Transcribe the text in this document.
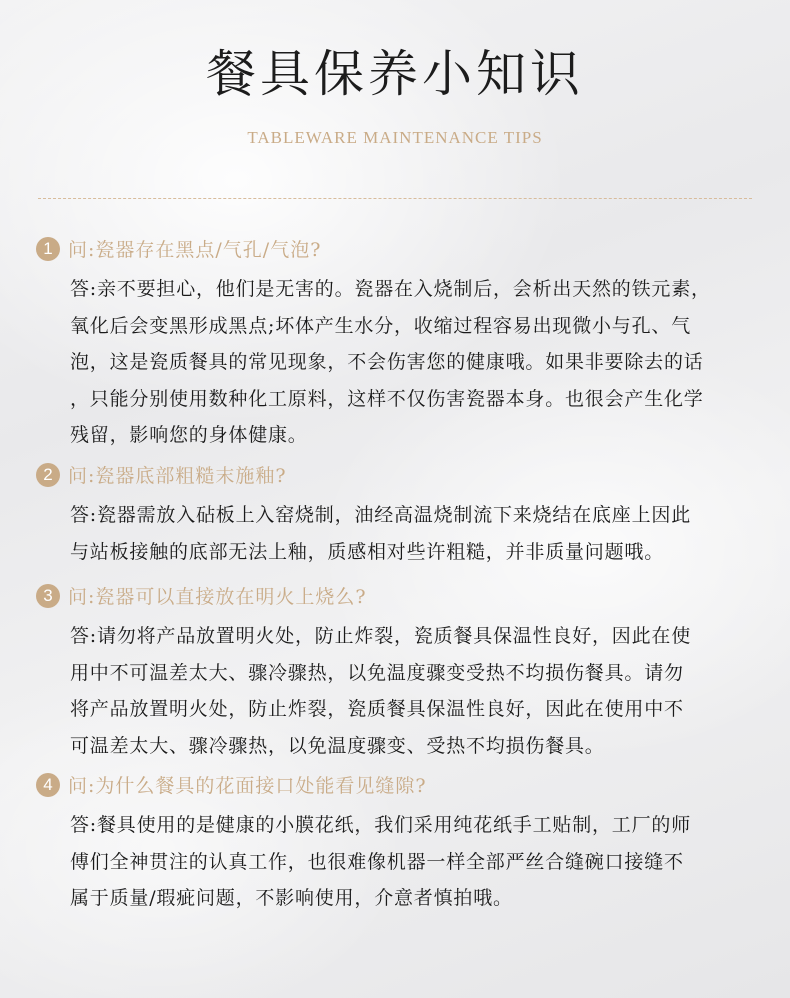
餐具保养小知识
TABLEWARE MAINTENANCE TIPS
1 问:瓷器存在黑点/气孔/气泡?
答:亲不要担心，他们是无害的。瓷器在入烧制后，会析出天然的铁元素，
氧化后会变黑形成黑点;坏体产生水分，收缩过程容易出现微小与孔、气
泡，这是瓷质餐具的常见现象，不会伤害您的健康哦。如果非要除去的话
，只能分别使用数种化工原料，这样不仅伤害瓷器本身。也很会产生化学
残留，影响您的身体健康。
2 问:瓷器底部粗糙末施釉?
答:瓷器需放入砧板上入窑烧制，油经高温烧制流下来烧结在底座上因此
与站板接触的底部无法上釉，质感相对些许粗糙，并非质量问题哦。
3 问:瓷器可以直接放在明火上烧么?
答:请勿将产品放置明火处，防止炸裂，瓷质餐具保温性良好，因此在使
用中不可温差太大、骤冷骤热，以免温度骤变受热不均损伤餐具。请勿
将产品放置明火处，防止炸裂，瓷质餐具保温性良好，因此在使用中不
可温差太大、骤冷骤热，以免温度骤变、受热不均损伤餐具。
4 问:为什么餐具的花面接口处能看见缝隙?
答:餐具使用的是健康的小膜花纸，我们采用纯花纸手工贴制，工厂的师
傅们全神贯注的认真工作，也很难像机器一样全部严丝合缝碗口接缝不
属于质量/瑕疵问题，不影响使用，介意者慎拍哦。
